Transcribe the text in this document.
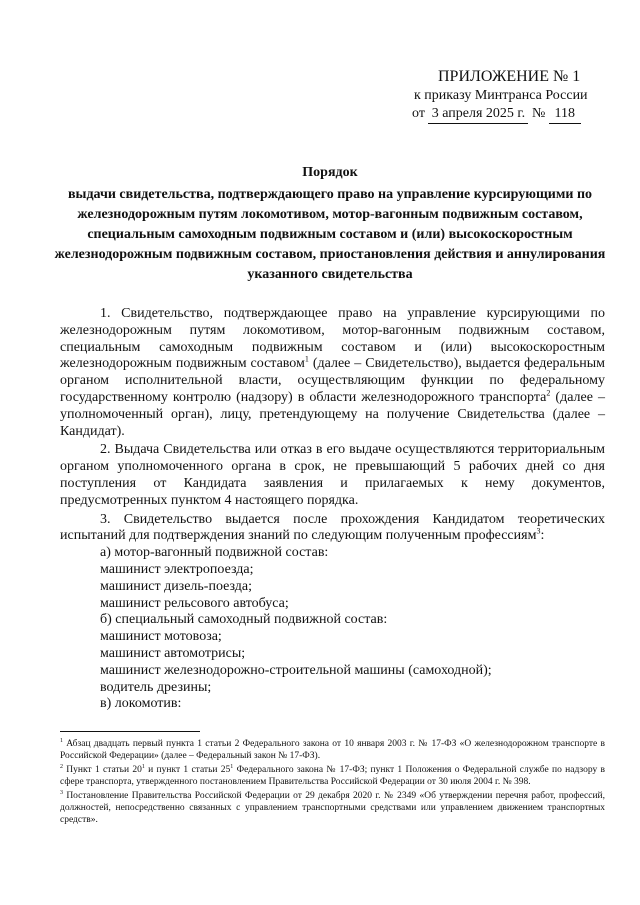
ПРИЛОЖЕНИЕ № 1
к приказу Минтранса России
от 3 апреля 2025 г. № 118
Порядок
выдачи свидетельства, подтверждающего право на управление курсирующими по железнодорожным путям локомотивом, мотор-вагонным подвижным составом, специальным самоходным подвижным составом и (или) высокоскоростным железнодорожным подвижным составом, приостановления действия и аннулирования указанного свидетельства

1. Свидетельство, подтверждающее право на управление курсирующими по железнодорожным путям локомотивом, мотор-вагонным подвижным составом, специальным самоходным подвижным составом и (или) высокоскоростным железнодорожным подвижным составом$^1$ (далее – Свидетельство), выдается федеральным органом исполнительной власти, осуществляющим функции по федеральному государственному контролю (надзору) в области железнодорожного транспорта$^2$ (далее – уполномоченный орган), лицу, претендующему на получение Свидетельства (далее – Кандидат).

2. Выдача Свидетельства или отказ в его выдаче осуществляются территориальным органом уполномоченного органа в срок, не превышающий 5 рабочих дней со дня поступления от Кандидата заявления и прилагаемых к нему документов, предусмотренных пунктом 4 настоящего порядка.

3. Свидетельство выдается после прохождения Кандидатом теоретических испытаний для подтверждения знаний по следующим полученным профессиям$^3$:

а) мотор-вагонный подвижной состав:

машинист электропоезда;

машинист дизель-поезда;

машинист рельсового автобуса;

б) специальный самоходный подвижной состав:

машинист мотовоза;

машинист автомотрисы;

машинист железнодорожно-строительной машины (самоходной);

водитель дрезины;

в) локомотив:

$^1$ Абзац двадцать первый пункта 1 статьи 2 Федерального закона от 10 января 2003 г. № 17-ФЗ «О железнодорожном транспорте в Российской Федерации» (далее – Федеральный закон № 17-ФЗ).

$^2$ Пункт 1 статьи $20^1$ и пункт 1 статьи $25^1$ Федерального закона № 17-ФЗ; пункт 1 Положения о Федеральной службе по надзору в сфере транспорта, утвержденного постановлением Правительства Российской Федерации от 30 июля 2004 г. № 398.

$^3$ Постановление Правительства Российской Федерации от 29 декабря 2020 г. № 2349 «Об утверждении перечня работ, профессий, должностей, непосредственно связанных с управлением транспортными средствами или управлением движением транспортных средств».
